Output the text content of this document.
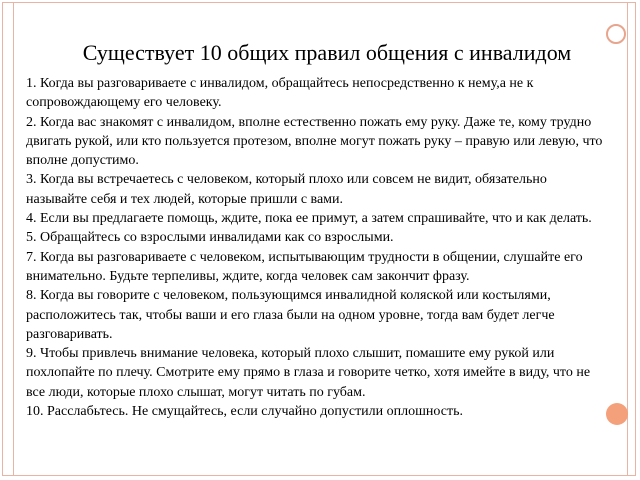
Существует 10 общих правил общения с инвалидом
1. Когда вы разговариваете с инвалидом, обращайтесь непосредственно к нему,а не к сопровождающему его человеку.
2. Когда вас знакомят с инвалидом, вполне естественно пожать ему руку. Даже те, кому трудно двигать рукой, или кто пользуется протезом, вполне могут пожать руку – правую или левую, что вполне допустимо.
3. Когда вы встречаетесь с человеком, который плохо или совсем не видит, обязательно называйте себя и тех людей, которые пришли с вами.
4. Если вы предлагаете помощь, ждите, пока ее примут, а затем спрашивайте, что и как делать.
5. Обращайтесь со взрослыми инвалидами как со взрослыми.
7. Когда вы разговариваете с человеком, испытывающим трудности в общении, слушайте его внимательно. Будьте терпеливы, ждите, когда человек сам закончит фразу.
8. Когда вы говорите с человеком, пользующимся инвалидной коляской или костылями, расположитесь так, чтобы ваши и его глаза были на одном уровне, тогда вам будет легче разговаривать.
9. Чтобы привлечь внимание человека, который плохо слышит, помашите ему рукой или похлопайте по плечу. Смотрите ему прямо в глаза и говорите четко, хотя имейте в виду, что не все люди, которые плохо слышат, могут читать по губам.
10. Расслабьтесь. Не смущайтесь, если случайно допустили оплошность.
